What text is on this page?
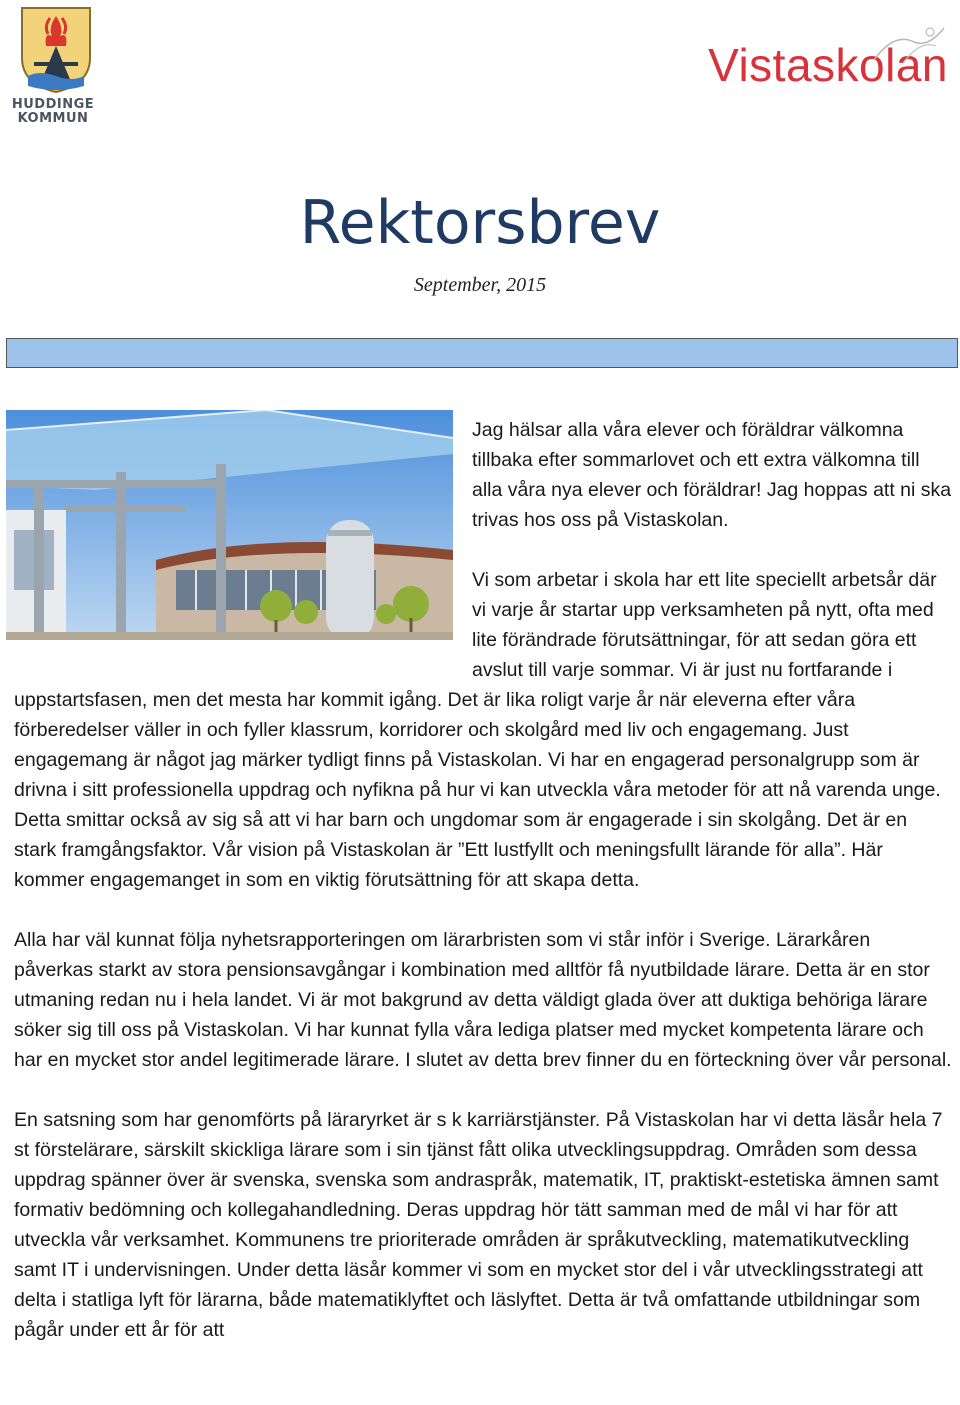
HUDDINGE KOMMUN
Vistaskolan
Rektorsbrev
September, 2015

Jag hälsar alla våra elever och föräldrar välkomna tillbaka efter sommarlovet och ett extra välkomna till alla våra nya elever och föräldrar! Jag hoppas att ni ska trivas hos oss på Vistaskolan.

Vi som arbetar i skola har ett lite speciellt arbetsår där vi varje år startar upp verksamheten på nytt, ofta med lite förändrade förutsättningar, för att sedan göra ett avslut till varje sommar. Vi är just nu fortfarande i uppstartsfasen, men det mesta har kommit igång. Det är lika roligt varje år när eleverna efter våra förberedelser väller in och fyller klassrum, korridorer och skolgård med liv och engagemang. Just engagemang är något jag märker tydligt finns på Vistaskolan. Vi har en engagerad personalgrupp som är drivna i sitt professionella uppdrag och nyfikna på hur vi kan utveckla våra metoder för att nå varenda unge. Detta smittar också av sig så att vi har barn och ungdomar som är engagerade i sin skolgång. Det är en stark framgångsfaktor. Vår vision på Vistaskolan är ”Ett lustfyllt och meningsfullt lärande för alla”. Här kommer engagemanget in som en viktig förutsättning för att skapa detta.

Alla har väl kunnat följa nyhetsrapporteringen om lärarbristen som vi står inför i Sverige. Lärarkåren påverkas starkt av stora pensionsavgångar i kombination med alltför få nyutbildade lärare. Detta är en stor utmaning redan nu i hela landet. Vi är mot bakgrund av detta väldigt glada över att duktiga behöriga lärare söker sig till oss på Vistaskolan. Vi har kunnat fylla våra lediga platser med mycket kompetenta lärare och har en mycket stor andel legitimerade lärare. I slutet av detta brev finner du en förteckning över vår personal.

En satsning som har genomförts på läraryrket är s k karriärstjänster. På Vistaskolan har vi detta läsår hela 7 st förstelärare, särskilt skickliga lärare som i sin tjänst fått olika utvecklingsuppdrag. Områden som dessa uppdrag spänner över är svenska, svenska som andraspråk, matematik, IT, praktiskt-estetiska ämnen samt formativ bedömning och kollegahandledning. Deras uppdrag hör tätt samman med de mål vi har för att utveckla vår verksamhet. Kommunens tre prioriterade områden är språkutveckling, matematikutveckling samt IT i undervisningen. Under detta läsår kommer vi som en mycket stor del i vår utvecklingsstrategi att delta i statliga lyft för lärarna, både matematiklyftet och läslyftet. Detta är två omfattande utbildningar som pågår under ett år för att
